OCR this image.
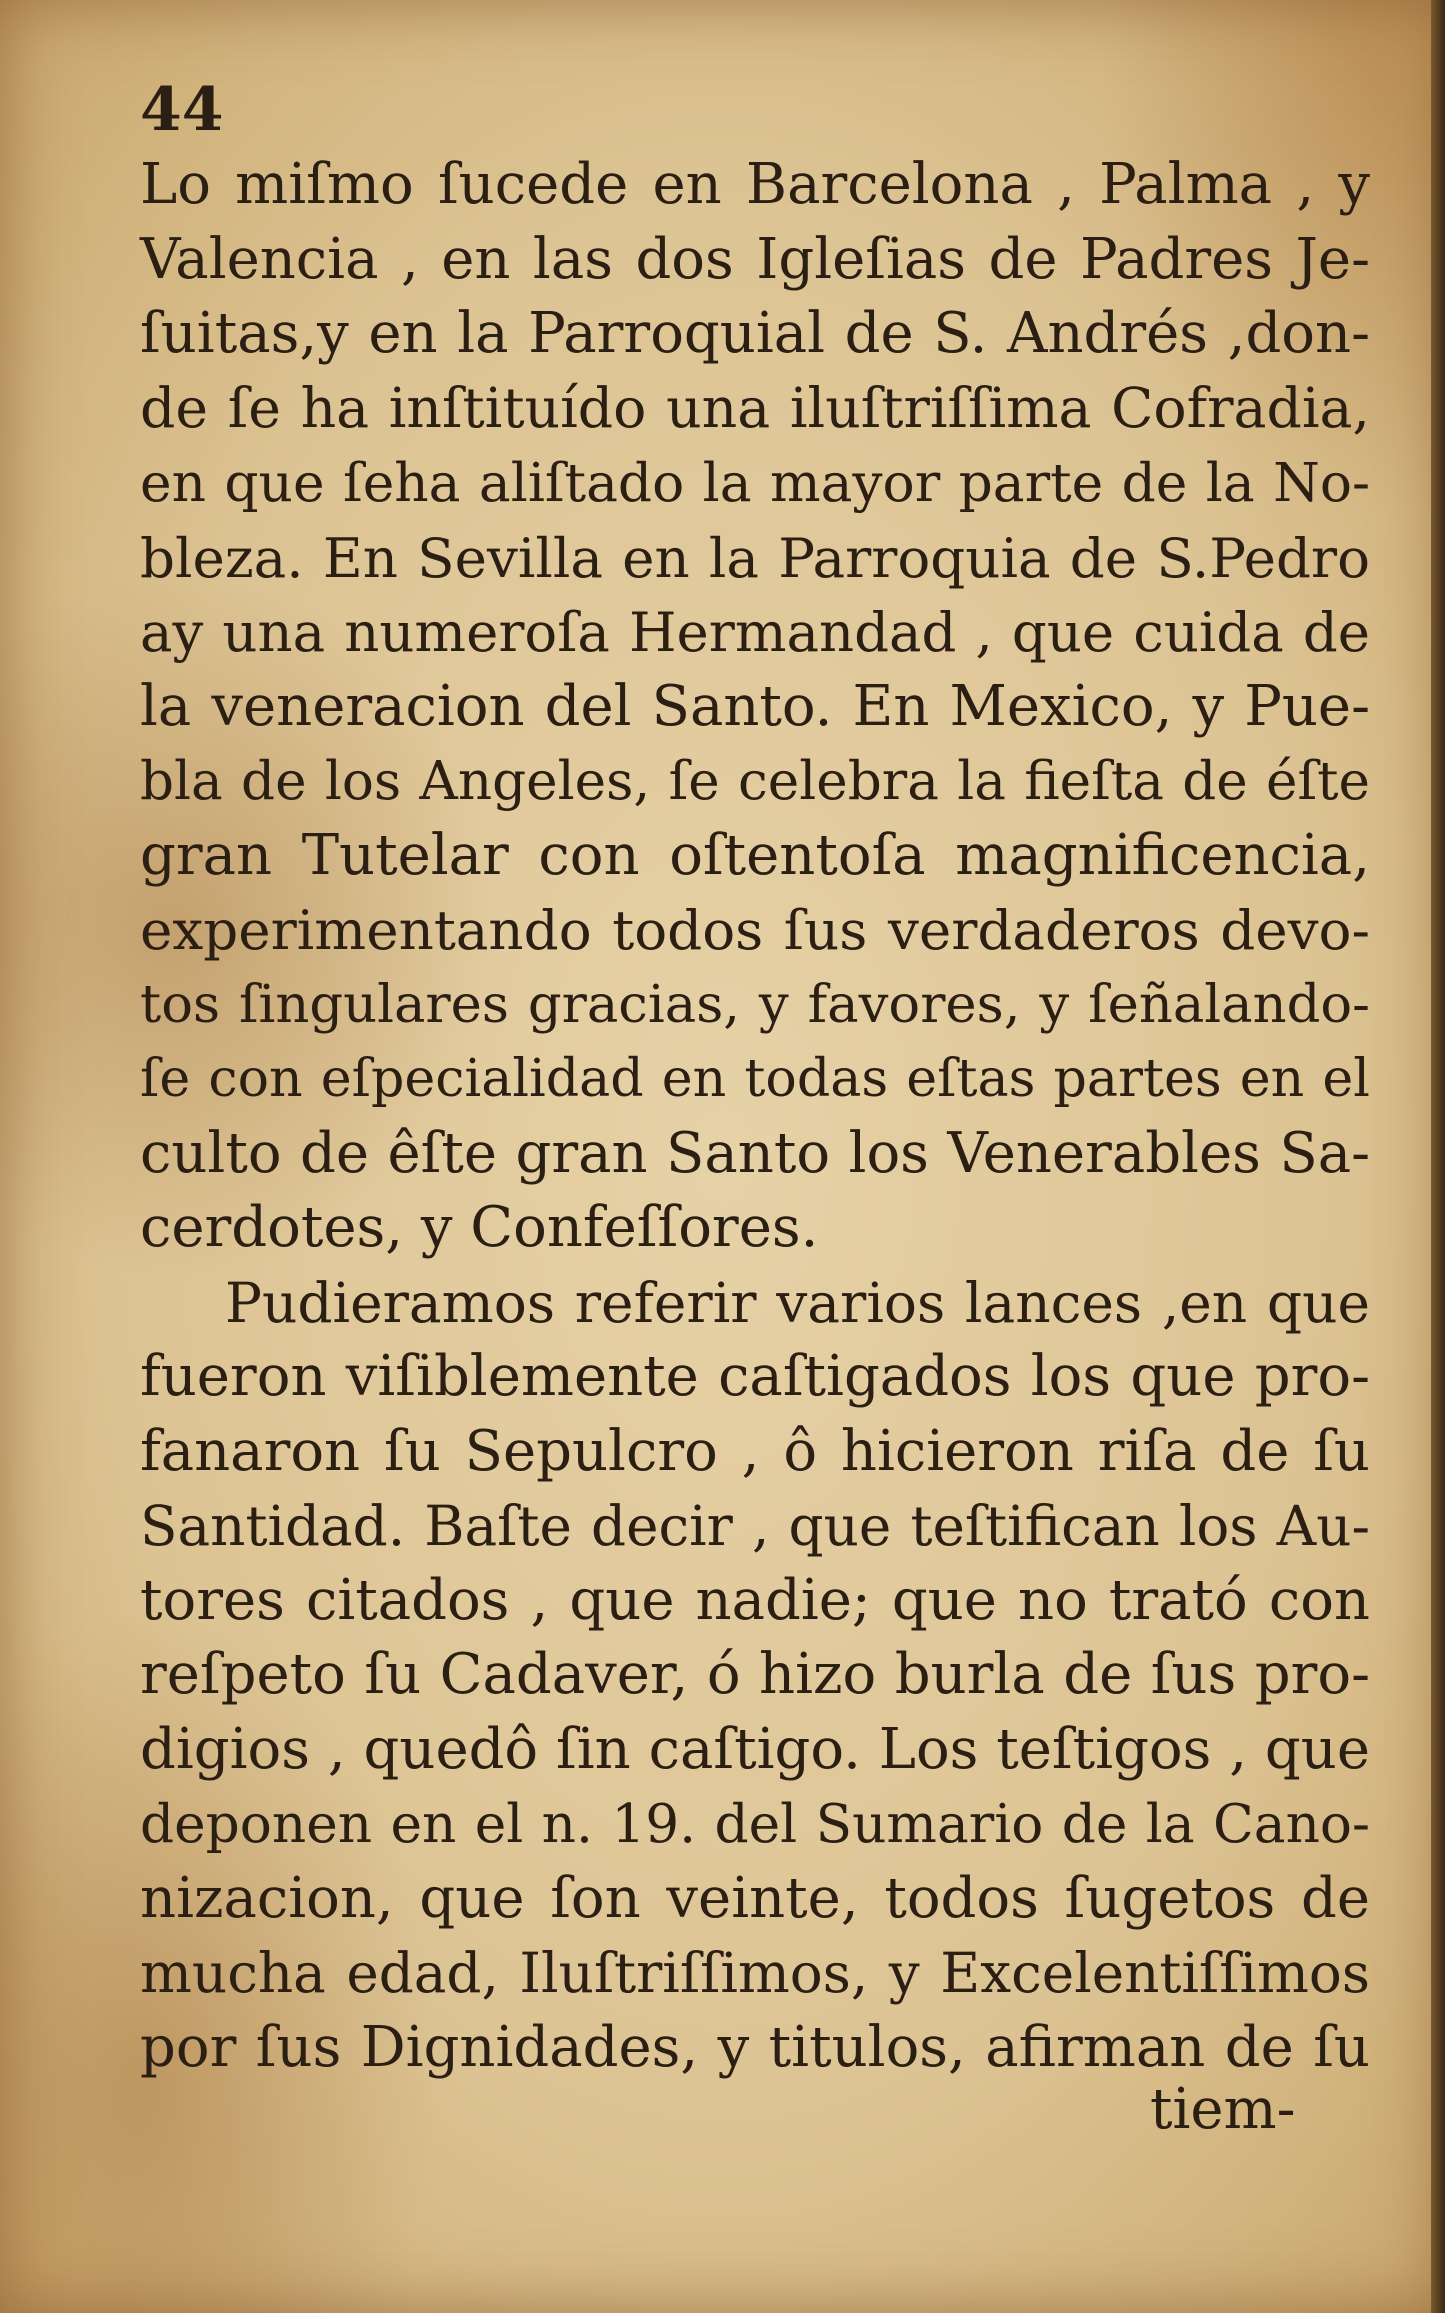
44
Lo miſmo ſucede en Barcelona , Palma , y
Valencia , en las dos Igleſias de Padres Je-
ſuitas,y en la Parroquial de S. Andrés ,don-
de ſe ha inſtituído una iluſtriſſima Cofradia,
en que ſeha aliſtado la mayor parte de la No-
bleza. En Sevilla en la Parroquia de S.Pedro
ay una numeroſa Hermandad , que cuida de
la veneracion del Santo. En Mexico, y Pue-
bla de los Angeles, ſe celebra la fieſta de éſte
gran Tutelar con oſtentoſa magnificencia,
experimentando todos ſus verdaderos devo-
tos ſingulares gracias, y favores, y ſeñalando-
ſe con eſpecialidad en todas eſtas partes en el
culto de êſte gran Santo los Venerables Sa-
cerdotes, y Confeſſores.
Pudieramos referir varios lances ,en que
fueron viſiblemente caſtigados los que pro-
fanaron ſu Sepulcro , ô hicieron riſa de ſu
Santidad. Baſte decir , que teſtifican los Au-
tores citados , que nadie; que no trató con
reſpeto ſu Cadaver, ó hizo burla de ſus pro-
digios , quedô ſin caſtigo. Los teſtigos , que
deponen en el n. 19. del Sumario de la Cano-
nizacion, que ſon veinte, todos ſugetos de
mucha edad, Iluſtriſſimos, y Excelentiſſimos
por ſus Dignidades, y titulos, afirman de ſu
tiem-
